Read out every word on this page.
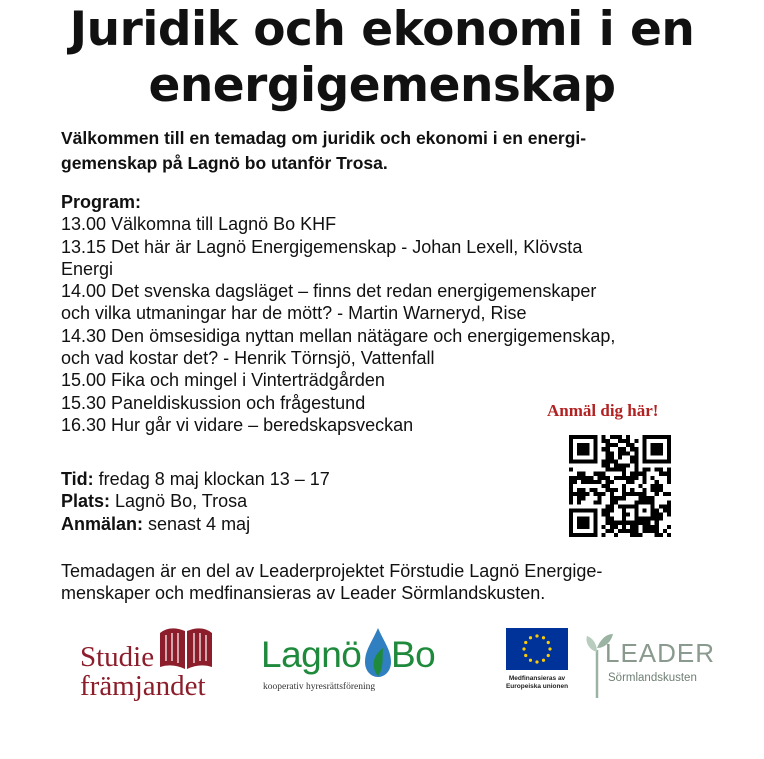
Juridik och ekonomi i en
energigemenskap
Välkommen till en temadag om juridik och ekonomi i en energi-
gemenskap på Lagnö bo utanför Trosa.
Program:
13.00 Välkomna till Lagnö Bo KHF
13.15 Det här är Lagnö Energigemenskap - Johan Lexell, Klövsta
Energi
14.00 Det svenska dagsläget – finns det redan energigemenskaper
och vilka utmaningar har de mött? - Martin Warneryd, Rise
14.30 Den ömsesidiga nyttan mellan nätägare och energigemenskap,
och vad kostar det? - Henrik Törnsjö, Vattenfall
15.00 Fika och mingel i Vinterträdgården
15.30 Paneldiskussion och frågestund
16.30 Hur går vi vidare – beredskapsveckan
Tid: fredag 8 maj klockan 13 – 17
Plats: Lagnö Bo, Trosa
Anmälan: senast 4 maj
Anmäl dig här!
Temadagen är en del av Leaderprojektet Förstudie Lagnö Energige-
menskaper och medfinansieras av Leader Sörmlandskusten.
Studie
främjandet
Lagnö Bo
kooperativ hyresrättsförening
Medfinansieras av
Europeiska unionen
LEADER
Sörmlandskusten
